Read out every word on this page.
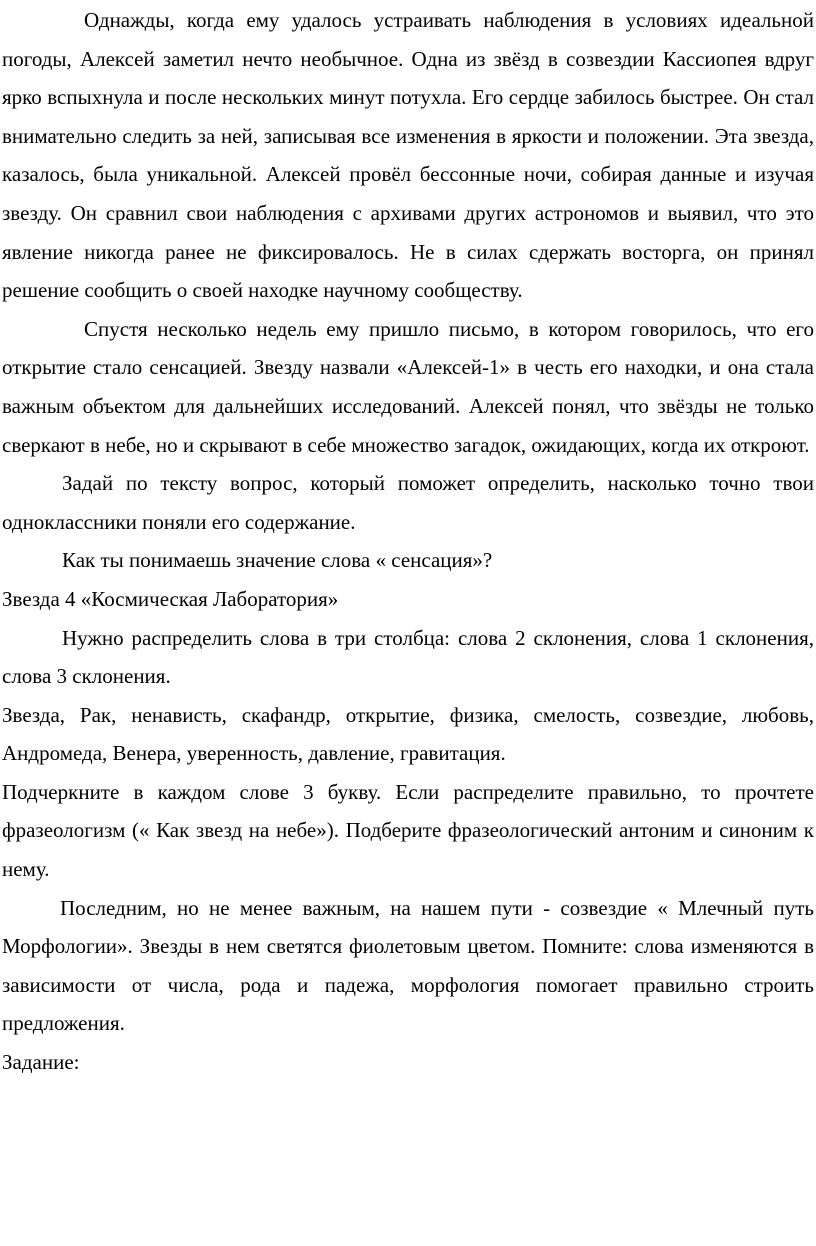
Однажды, когда ему удалось устраивать наблюдения в условиях идеальной погоды, Алексей заметил нечто необычное. Одна из звёзд в созвездии Кассиопея вдруг ярко вспыхнула и после нескольких минут потухла. Его сердце забилось быстрее. Он стал внимательно следить за ней, записывая все изменения в яркости и положении. Эта звезда, казалось, была уникальной. Алексей провёл бессонные ночи, собирая данные и изучая звезду. Он сравнил свои наблюдения с архивами других астрономов и выявил, что это явление никогда ранее не фиксировалось. Не в силах сдержать восторга, он принял решение сообщить о своей находке научному сообществу.

Спустя несколько недель ему пришло письмо, в котором говорилось, что его открытие стало сенсацией. Звезду назвали «Алексей-1» в честь его находки, и она стала важным объектом для дальнейших исследований. Алексей понял, что звёзды не только сверкают в небе, но и скрывают в себе множество загадок, ожидающих, когда их откроют.

Задай по тексту вопрос, который поможет определить, насколько точно твои одноклассники поняли его содержание.

Как ты понимаешь значение слова « сенсация»?

Звезда 4 «Космическая Лаборатория»

Нужно распределить слова в три столбца: слова 2 склонения, слова 1 склонения, слова 3 склонения.

Звезда, Рак, ненависть, скафандр, открытие, физика, смелость, созвездие, любовь, Андромеда, Венера, уверенность, давление, гравитация.

Подчеркните в каждом слове 3 букву. Если распределите правильно, то прочтете фразеологизм (« Как звезд на небе»). Подберите фразеологический антоним и синоним к нему.

Последним, но не менее важным, на нашем пути - созвездие « Млечный путь Морфологии». Звезды в нем светятся фиолетовым цветом. Помните: слова изменяются в зависимости от числа, рода и падежа, морфология помогает правильно строить предложения.

Задание:
